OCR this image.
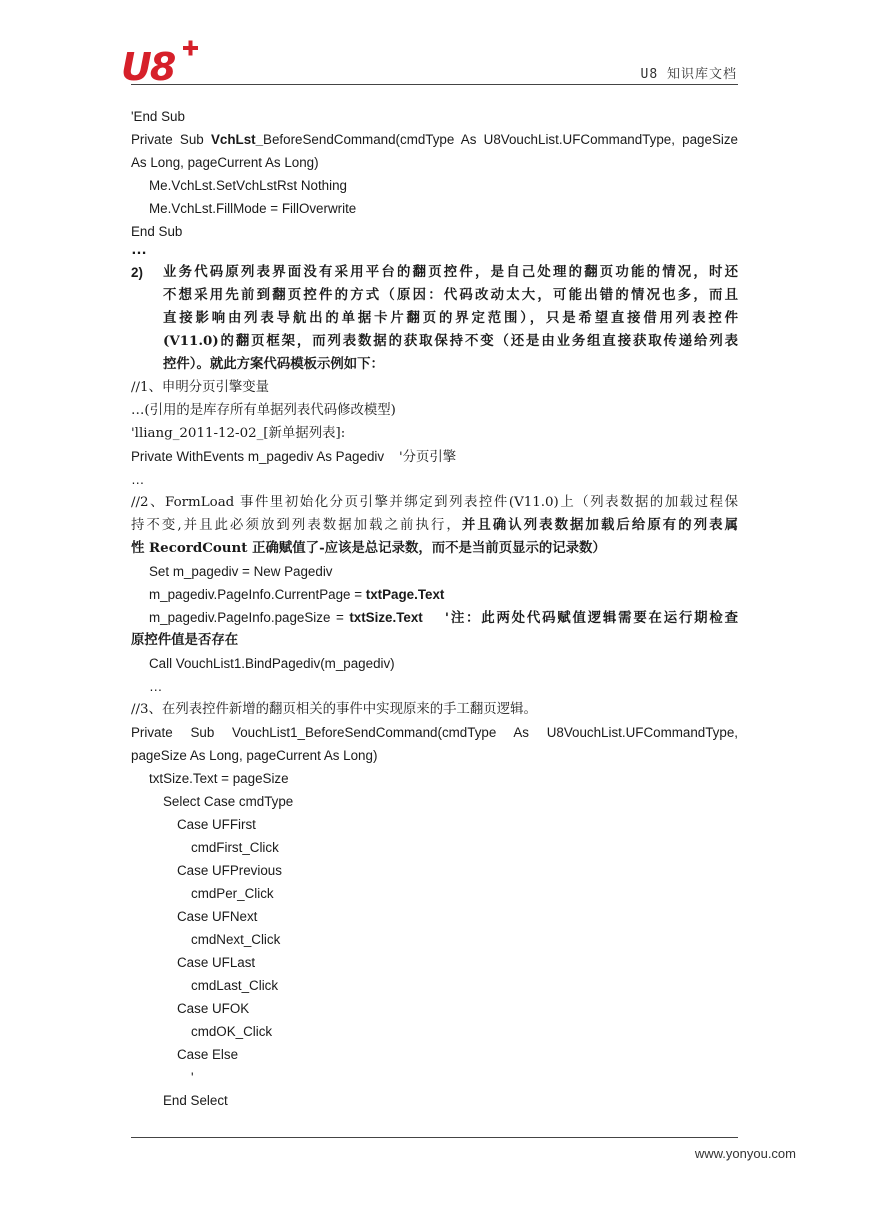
U8	U8 知识库文档
'End Sub
Private Sub VchLst_BeforeSendCommand(cmdType As U8VouchList.UFCommandType, pageSize
As Long, pageCurrent As Long)
Me.VchLst.SetVchLstRst Nothing
Me.VchLst.FillMode = FillOverwrite
End Sub
…
2)	业务代码原列表界面没有采用平台的翻页控件，是自己处理的翻页功能的情况，时还
不想采用先前到翻页控件的方式（原因：代码改动太大，可能出错的情况也多，而且
直接影响由列表导航出的单据卡片翻页的界定范围），只是希望直接借用列表控件
(V11.0)的翻页框架，而列表数据的获取保持不变（还是由业务组直接获取传递给列表
控件）。就此方案代码模板示例如下：
//1、申明分页引擎变量
…(引用的是库存所有单据列表代码修改模型)
'lliang_2011-12-02_[新单据列表]:
Private WithEvents m_pagediv As Pagediv '分页引擎
…
//2、FormLoad 事件里初始化分页引擎并绑定到列表控件(V11.0)上（列表数据的加载过程保
持不变,并且此必须放到列表数据加载之前执行，并且确认列表数据加载后给原有的列表属
性 RecordCount 正确赋值了-应该是总记录数，而不是当前页显示的记录数）
Set m_pagediv = New Pagediv
m_pagediv.PageInfo.CurrentPage = txtPage.Text
m_pagediv.PageInfo.pageSize = txtSize.Text '注：此两处代码赋值逻辑需要在运行期检查
原控件值是否存在
Call VouchList1.BindPagediv(m_pagediv)
…
//3、在列表控件新增的翻页相关的事件中实现原来的手工翻页逻辑。
Private Sub VouchList1_BeforeSendCommand(cmdType As U8VouchList.UFCommandType,
pageSize As Long, pageCurrent As Long)
txtSize.Text = pageSize
Select Case cmdType
Case UFFirst
cmdFirst_Click
Case UFPrevious
cmdPer_Click
Case UFNext
cmdNext_Click
Case UFLast
cmdLast_Click
Case UFOK
cmdOK_Click
Case Else
'
End Select
www.yonyou.com
